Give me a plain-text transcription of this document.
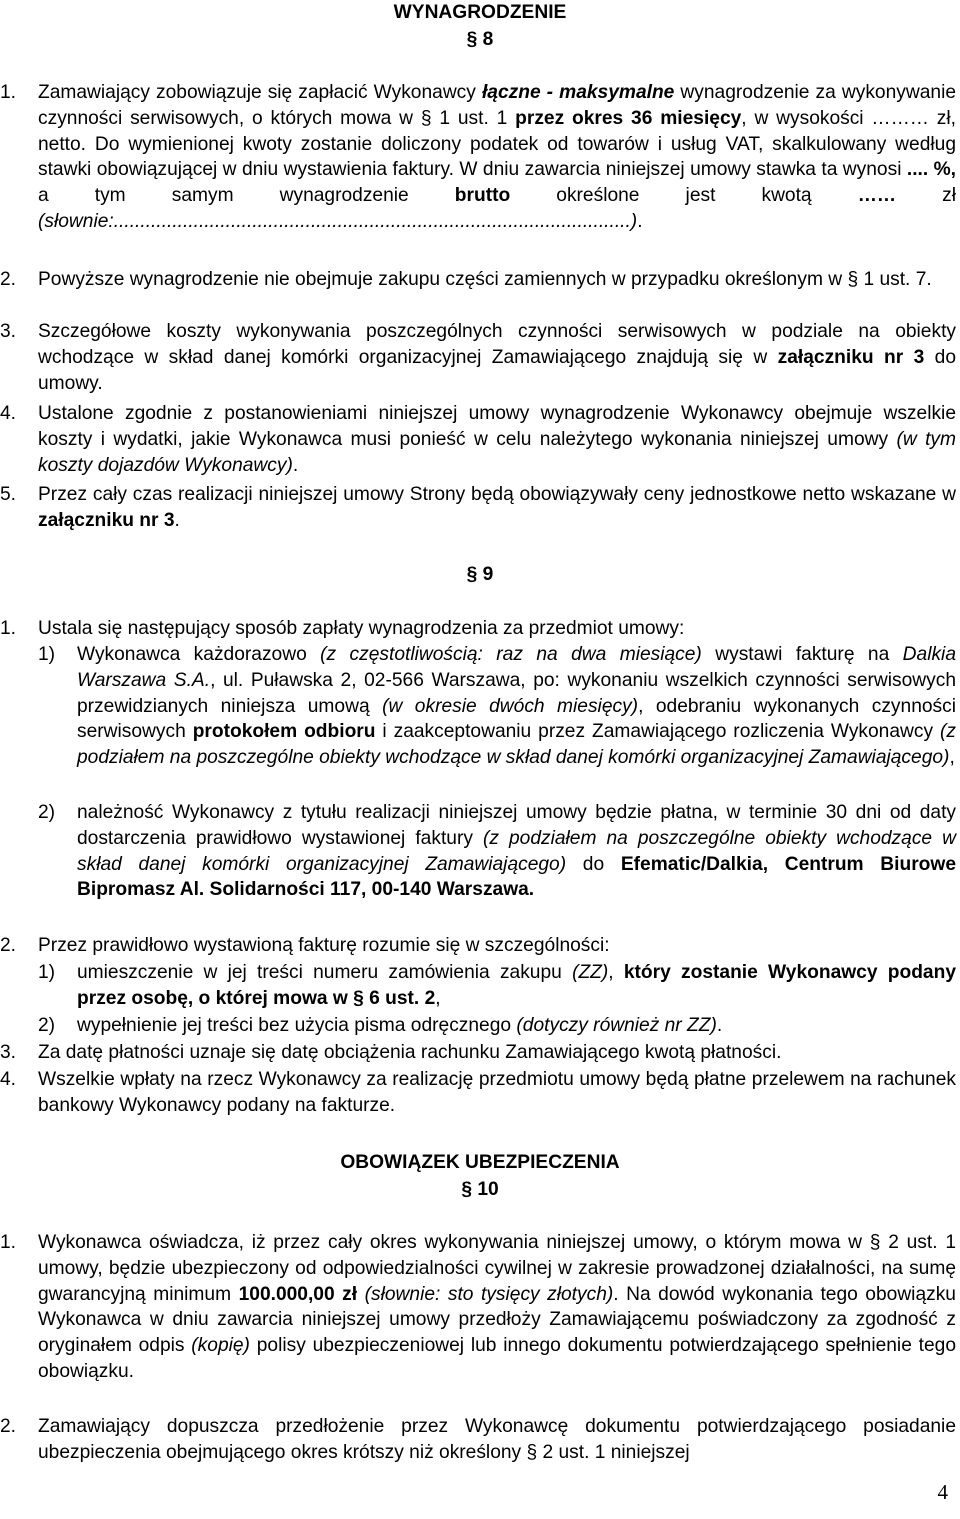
WYNAGRODZENIE
§ 8
1.	Zamawiający zobowiązuje się zapłacić Wykonawcy łączne - maksymalne wynagrodzenie za wykonywanie czynności serwisowych, o których mowa w § 1 ust. 1 przez okres 36 miesięcy, w wysokości ……… zł, netto. Do wymienionej kwoty zostanie doliczony podatek od towarów i usług VAT, skalkulowany według stawki obowiązującej w dniu wystawienia faktury. W dniu zawarcia niniejszej umowy stawka ta wynosi .... %, a tym samym wynagrodzenie brutto określone jest kwotą …… zł (słownie:.................................................................................................).

2.	Powyższe wynagrodzenie nie obejmuje zakupu części zamiennych w przypadku określonym w § 1 ust. 7.

3.	Szczegółowe koszty wykonywania poszczególnych czynności serwisowych w podziale na obiekty wchodzące w skład danej komórki organizacyjnej Zamawiającego znajdują się w załączniku nr 3 do umowy.

4.	Ustalone zgodnie z postanowieniami niniejszej umowy wynagrodzenie Wykonawcy obejmuje wszelkie koszty i wydatki, jakie Wykonawca musi ponieść w celu należytego wykonania niniejszej umowy (w tym koszty dojazdów Wykonawcy).

5.	Przez cały czas realizacji niniejszej umowy Strony będą obowiązywały ceny jednostkowe netto wskazane w załączniku nr 3.

§ 9
1.	Ustala się następujący sposób zapłaty wynagrodzenia za przedmiot umowy:

1)	Wykonawca każdorazowo (z częstotliwością: raz na dwa miesiące) wystawi fakturę na Dalkia Warszawa S.A., ul. Puławska 2, 02-566 Warszawa, po: wykonaniu wszelkich czynności serwisowych przewidzianych niniejsza umową (w okresie dwóch miesięcy), odebraniu wykonanych czynności serwisowych protokołem odbioru i zaakceptowaniu przez Zamawiającego rozliczenia Wykonawcy (z podziałem na poszczególne obiekty wchodzące w skład danej komórki organizacyjnej Zamawiającego),

2)	należność Wykonawcy z tytułu realizacji niniejszej umowy będzie płatna, w terminie 30 dni od daty dostarczenia prawidłowo wystawionej faktury (z podziałem na poszczególne obiekty wchodzące w skład danej komórki organizacyjnej Zamawiającego) do Efematic/Dalkia, Centrum Biurowe Bipromasz Al. Solidarności 117, 00-140 Warszawa.

2.	Przez prawidłowo wystawioną fakturę rozumie się w szczególności:

1)	umieszczenie w jej treści numeru zamówienia zakupu (ZZ), który zostanie Wykonawcy podany przez osobę, o której mowa w § 6 ust. 2,

2)	wypełnienie jej treści bez użycia pisma odręcznego (dotyczy również nr ZZ).

3.	Za datę płatności uznaje się datę obciążenia rachunku Zamawiającego kwotą płatności.

4.	Wszelkie wpłaty na rzecz Wykonawcy za realizację przedmiotu umowy będą płatne przelewem na rachunek bankowy Wykonawcy podany na fakturze.

OBOWIĄZEK UBEZPIECZENIA
§ 10
1.	Wykonawca oświadcza, iż przez cały okres wykonywania niniejszej umowy, o którym mowa w § 2 ust. 1 umowy, będzie ubezpieczony od odpowiedzialności cywilnej w zakresie prowadzonej działalności, na sumę gwarancyjną minimum 100.000,00 zł (słownie: sto tysięcy złotych). Na dowód wykonania tego obowiązku Wykonawca w dniu zawarcia niniejszej umowy przedłoży Zamawiającemu poświadczony za zgodność z oryginałem odpis (kopię) polisy ubezpieczeniowej lub innego dokumentu potwierdzającego spełnienie tego obowiązku.

2.	Zamawiający dopuszcza przedłożenie przez Wykonawcę dokumentu potwierdzającego posiadanie ubezpieczenia obejmującego okres krótszy niż określony § 2 ust. 1 niniejszej

4
